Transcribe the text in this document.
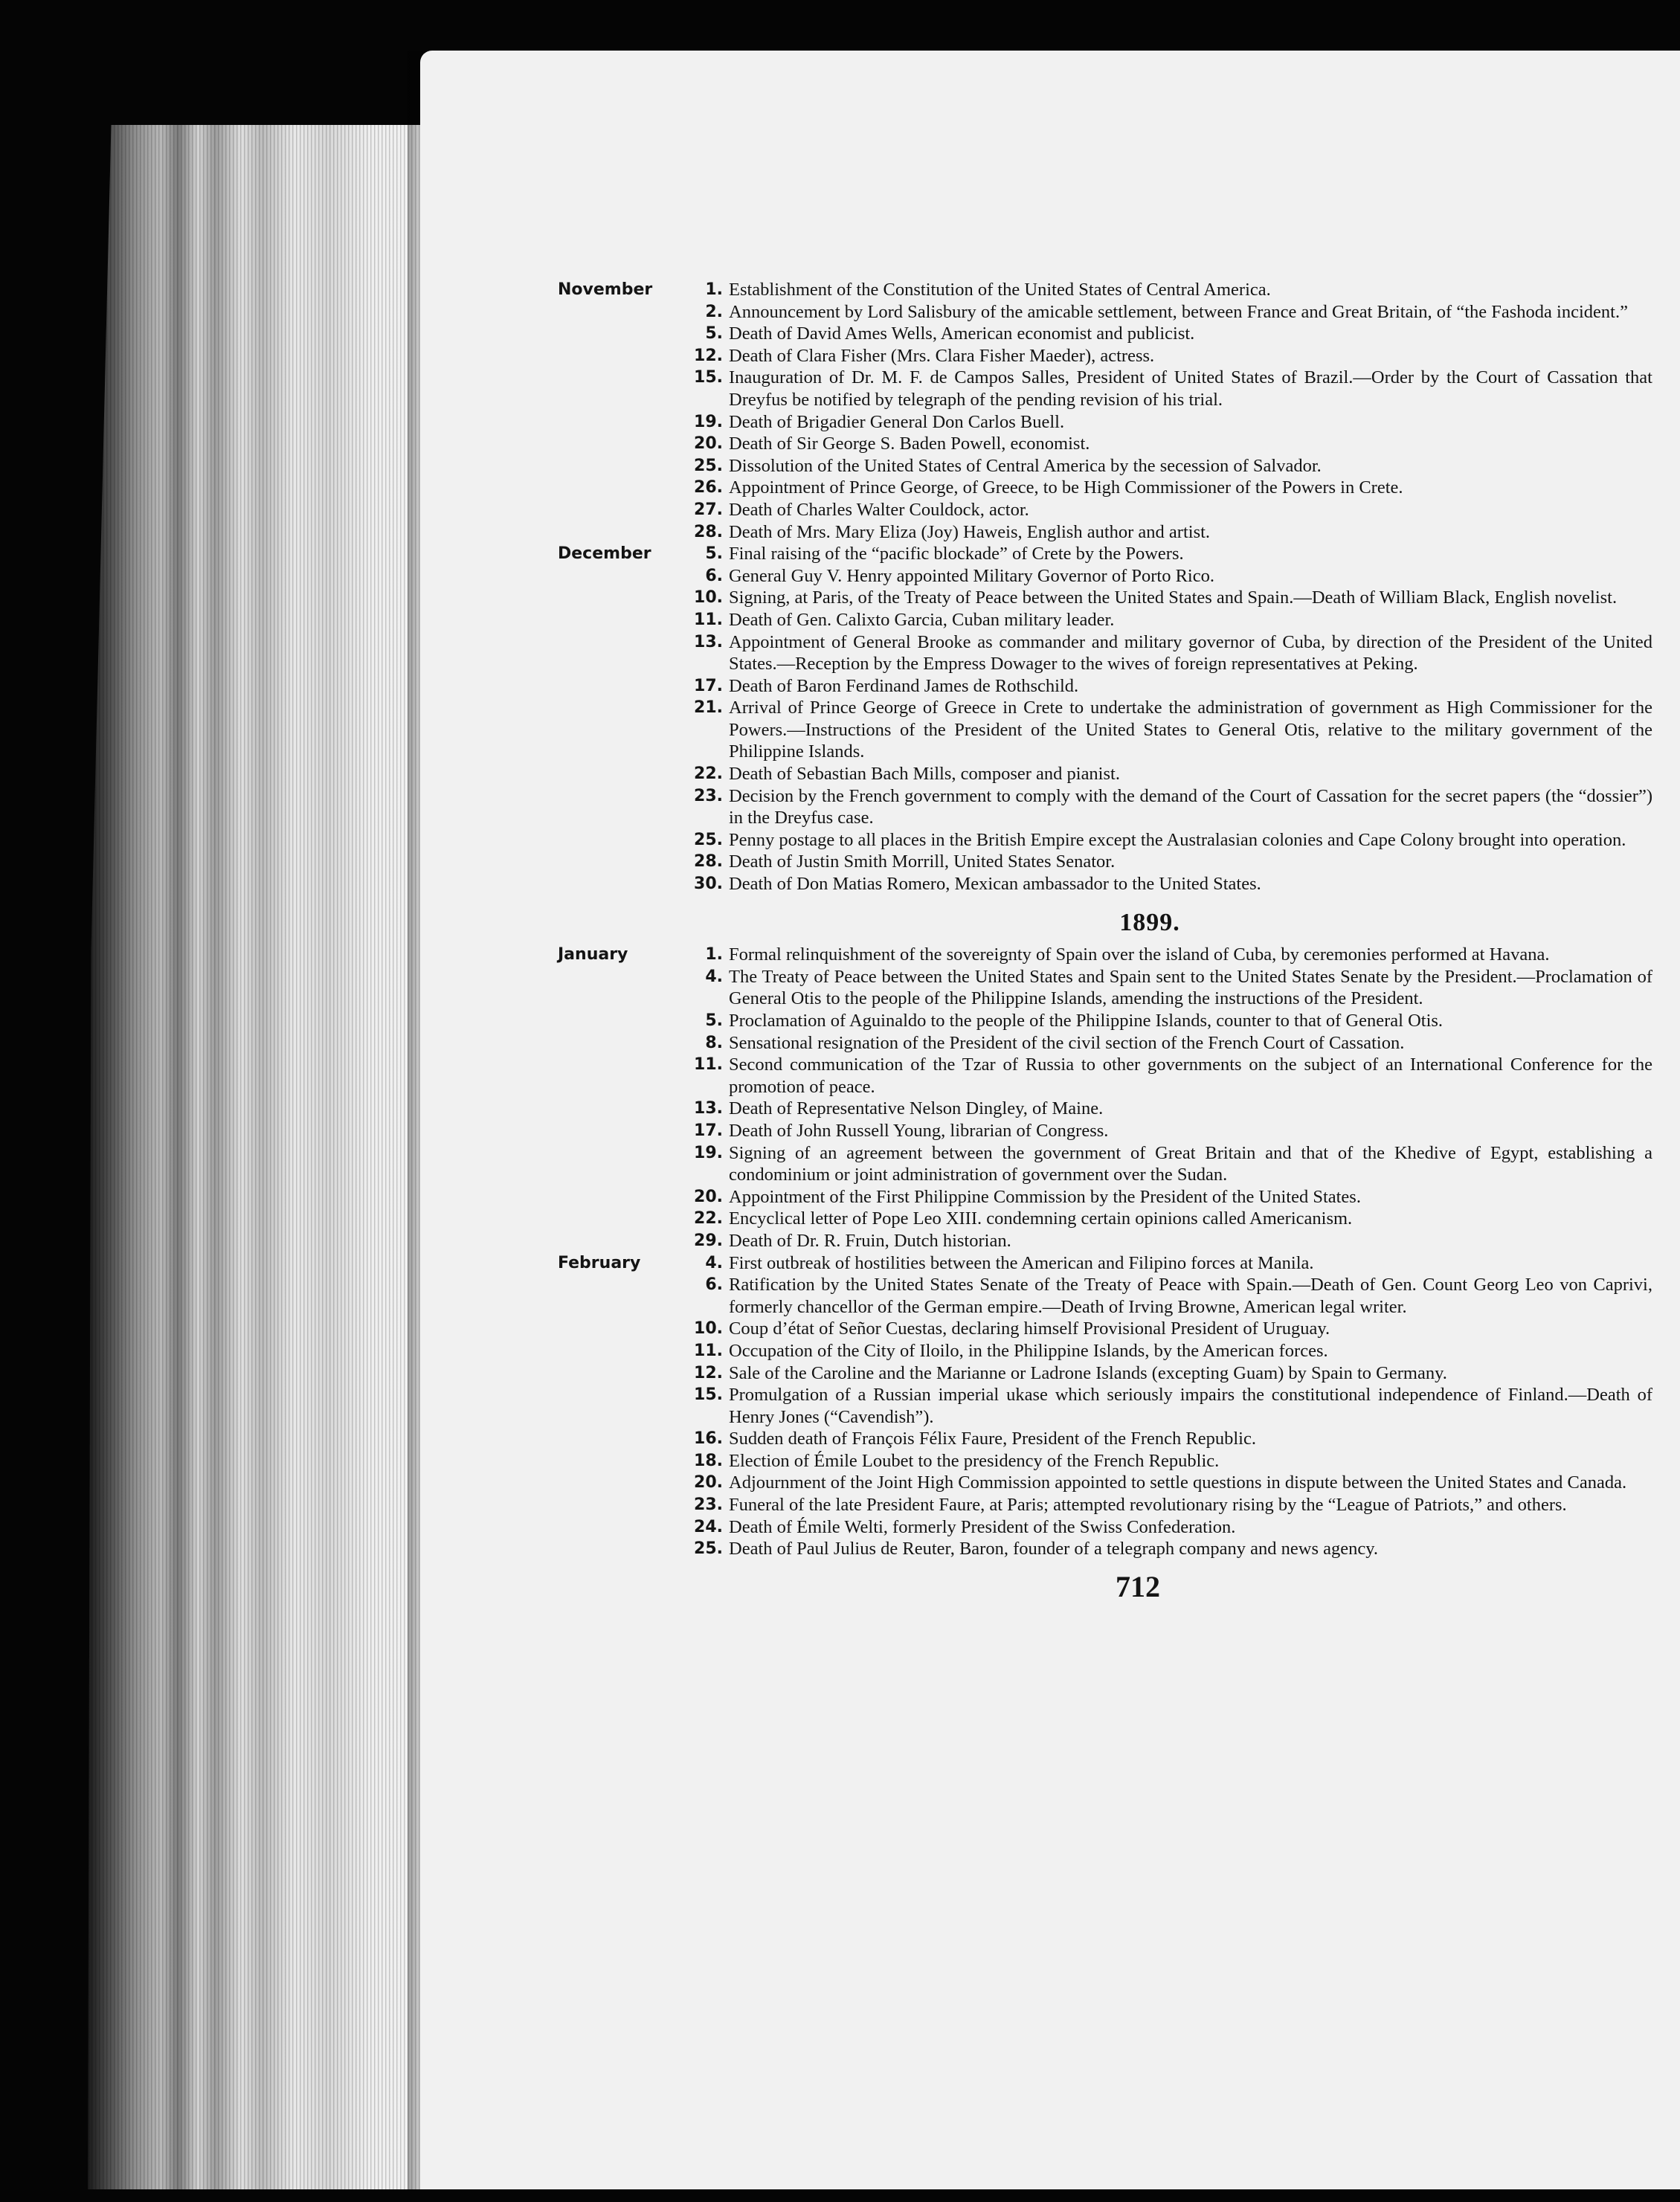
November	1. Establishment of the Constitution of the United States of Central America.
2. Announcement by Lord Salisbury of the amicable settlement, between France and Great Britain, of “the Fashoda incident.”
5. Death of David Ames Wells, American economist and publicist.
12. Death of Clara Fisher (Mrs. Clara Fisher Maeder), actress.
15. Inauguration of Dr. M. F. de Campos Salles, President of United States of Brazil.—Order by the Court of Cassation that Dreyfus be notified by telegraph of the pending revision of his trial.
19. Death of Brigadier General Don Carlos Buell.
20. Death of Sir George S. Baden Powell, economist.
25. Dissolution of the United States of Central America by the secession of Salvador.
26. Appointment of Prince George, of Greece, to be High Commissioner of the Powers in Crete.
27. Death of Charles Walter Couldock, actor.
28. Death of Mrs. Mary Eliza (Joy) Haweis, English author and artist.
December	5. Final raising of the “pacific blockade” of Crete by the Powers.
6. General Guy V. Henry appointed Military Governor of Porto Rico.
10. Signing, at Paris, of the Treaty of Peace between the United States and Spain.—Death of William Black, English novelist.
11. Death of Gen. Calixto Garcia, Cuban military leader.
13. Appointment of General Brooke as commander and military governor of Cuba, by direction of the President of the United States.—Reception by the Empress Dowager to the wives of foreign representatives at Peking.
17. Death of Baron Ferdinand James de Rothschild.
21. Arrival of Prince George of Greece in Crete to undertake the administration of government as High Commissioner for the Powers.—Instructions of the President of the United States to General Otis, relative to the military government of the Philippine Islands.
22. Death of Sebastian Bach Mills, composer and pianist.
23. Decision by the French government to comply with the demand of the Court of Cassation for the secret papers (the “dossier”) in the Dreyfus case.
25. Penny postage to all places in the British Empire except the Australasian colonies and Cape Colony brought into operation.
28. Death of Justin Smith Morrill, United States Senator.
30. Death of Don Matias Romero, Mexican ambassador to the United States.
1899.
January	1. Formal relinquishment of the sovereignty of Spain over the island of Cuba, by ceremonies performed at Havana.
4. The Treaty of Peace between the United States and Spain sent to the United States Senate by the President.—Proclamation of General Otis to the people of the Philippine Islands, amending the instructions of the President.
5. Proclamation of Aguinaldo to the people of the Philippine Islands, counter to that of General Otis.
8. Sensational resignation of the President of the civil section of the French Court of Cassation.
11. Second communication of the Tzar of Russia to other governments on the subject of an International Conference for the promotion of peace.
13. Death of Representative Nelson Dingley, of Maine.
17. Death of John Russell Young, librarian of Congress.
19. Signing of an agreement between the government of Great Britain and that of the Khedive of Egypt, establishing a condominium or joint administration of government over the Sudan.
20. Appointment of the First Philippine Commission by the President of the United States.
22. Encyclical letter of Pope Leo XIII. condemning certain opinions called Americanism.
29. Death of Dr. R. Fruin, Dutch historian.
February	4. First outbreak of hostilities between the American and Filipino forces at Manila.
6. Ratification by the United States Senate of the Treaty of Peace with Spain.—Death of Gen. Count Georg Leo von Caprivi, formerly chancellor of the German empire.—Death of Irving Browne, American legal writer.
10. Coup d’état of Señor Cuestas, declaring himself Provisional President of Uruguay.
11. Occupation of the City of Iloilo, in the Philippine Islands, by the American forces.
12. Sale of the Caroline and the Marianne or Ladrone Islands (excepting Guam) by Spain to Germany.
15. Promulgation of a Russian imperial ukase which seriously impairs the constitutional independence of Finland.—Death of Henry Jones (“Cavendish”).
16. Sudden death of François Félix Faure, President of the French Republic.
18. Election of Émile Loubet to the presidency of the French Republic.
20. Adjournment of the Joint High Commission appointed to settle questions in dispute between the United States and Canada.
23. Funeral of the late President Faure, at Paris; attempted revolutionary rising by the “League of Patriots,” and others.
24. Death of Émile Welti, formerly President of the Swiss Confederation.
25. Death of Paul Julius de Reuter, Baron, founder of a telegraph company and news agency.
712
